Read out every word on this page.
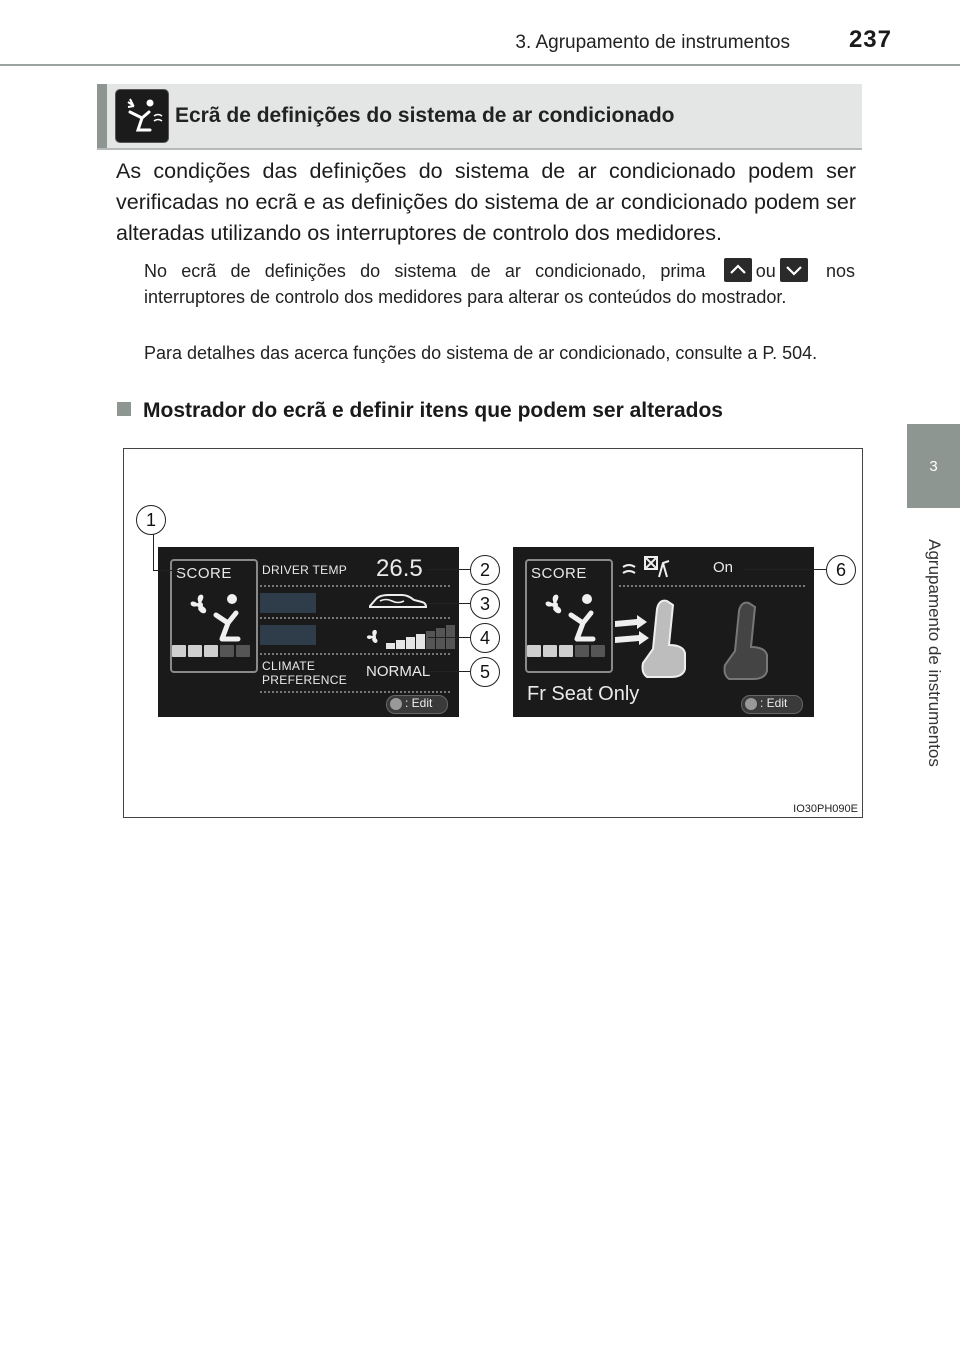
3. Agrupamento de instrumentos 237
3
Agrupamento de instrumentos
Ecrã de definições do sistema de ar condicionado
As condições das definições do sistema de ar condicionado podem ser verificadas no ecrã e as definições do sistema de ar condicionado podem ser alteradas utilizando os interruptores de controlo dos medidores.
No ecrã de definições do sistema de ar condicionado, prima	ou	nos interruptores de controlo dos medidores para alterar os conteúdos do mostrador.
Para detalhes das acerca funções do sistema de ar condicionado, consulte a P. 504.
Mostrador do ecrã e definir itens que podem ser alterados
SCORE	DRIVER TEMP 26.5
CLIMATE
PREFERENCE NORMAL
: Edit
SCORE	On
Fr Seat Only	: Edit
1
2
3
4
5
6
IO30PH090E
